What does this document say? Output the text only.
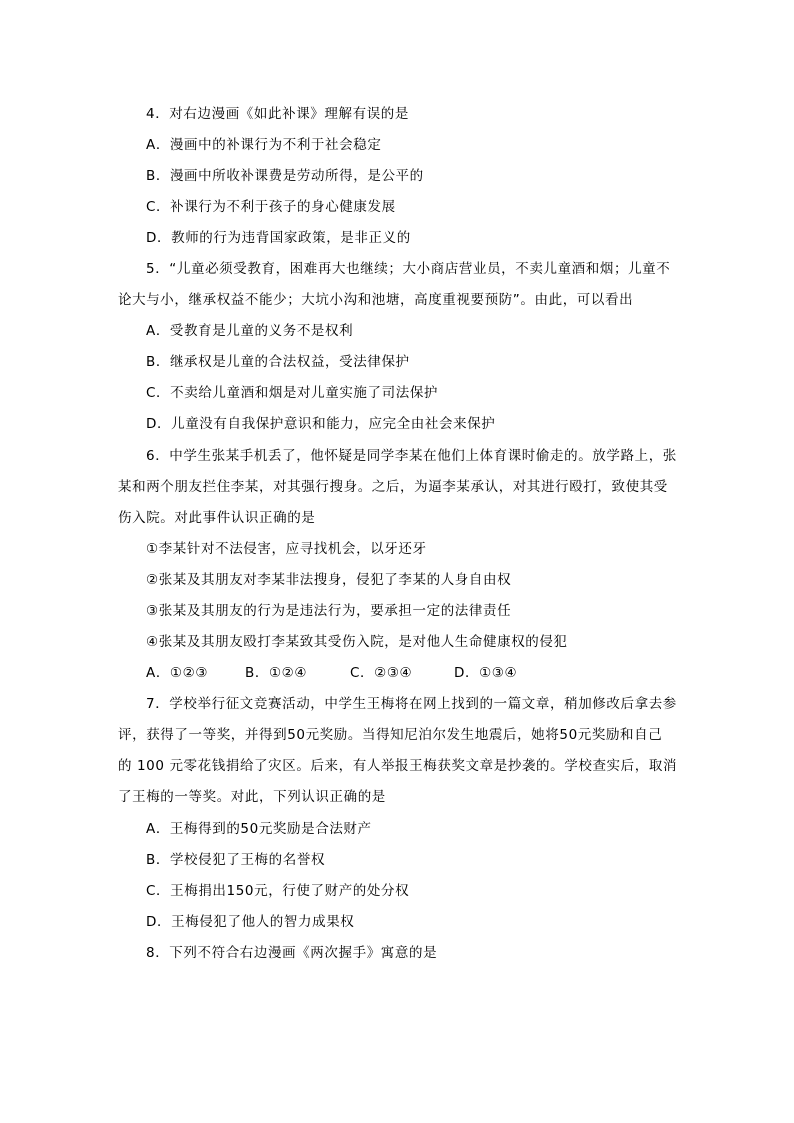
4．对右边漫画《如此补课》理解有误的是
A．漫画中的补课行为不利于社会稳定
B．漫画中所收补课费是劳动所得，是公平的
C．补课行为不利于孩子的身心健康发展
D．教师的行为违背国家政策，是非正义的
5．“儿童必须受教育，困难再大也继续；大小商店营业员，不卖儿童酒和烟；儿童不
论大与小，继承权益不能少；大坑小沟和池塘，高度重视要预防”。由此，可以看出
A．受教育是儿童的义务不是权利
B．继承权是儿童的合法权益，受法律保护
C．不卖给儿童酒和烟是对儿童实施了司法保护
D．儿童没有自我保护意识和能力，应完全由社会来保护
6．中学生张某手机丢了，他怀疑是同学李某在他们上体育课时偷走的。放学路上，张
某和两个朋友拦住李某，对其强行搜身。之后，为逼李某承认，对其进行殴打，致使其受
伤入院。对此事件认识正确的是
①李某针对不法侵害，应寻找机会，以牙还牙
②张某及其朋友对李某非法搜身，侵犯了李某的人身自由权
③张某及其朋友的行为是违法行为，要承担一定的法律责任
④张某及其朋友殴打李某致其受伤入院，是对他人生命健康权的侵犯
A．①②③	B．①②④	C．②③④	D．①③④
7．学校举行征文竞赛活动，中学生王梅将在网上找到的一篇文章，稍加修改后拿去参
评，获得了一等奖，并得到50元奖励。当得知尼泊尔发生地震后，她将50元奖励和自己
的 100 元零花钱捐给了灾区。后来，有人举报王梅获奖文章是抄袭的。学校查实后，取消
了王梅的一等奖。对此，下列认识正确的是
A．王梅得到的50元奖励是合法财产
B．学校侵犯了王梅的名誉权
C．王梅捐出150元，行使了财产的处分权
D．王梅侵犯了他人的智力成果权
8．下列不符合右边漫画《两次握手》寓意的是
